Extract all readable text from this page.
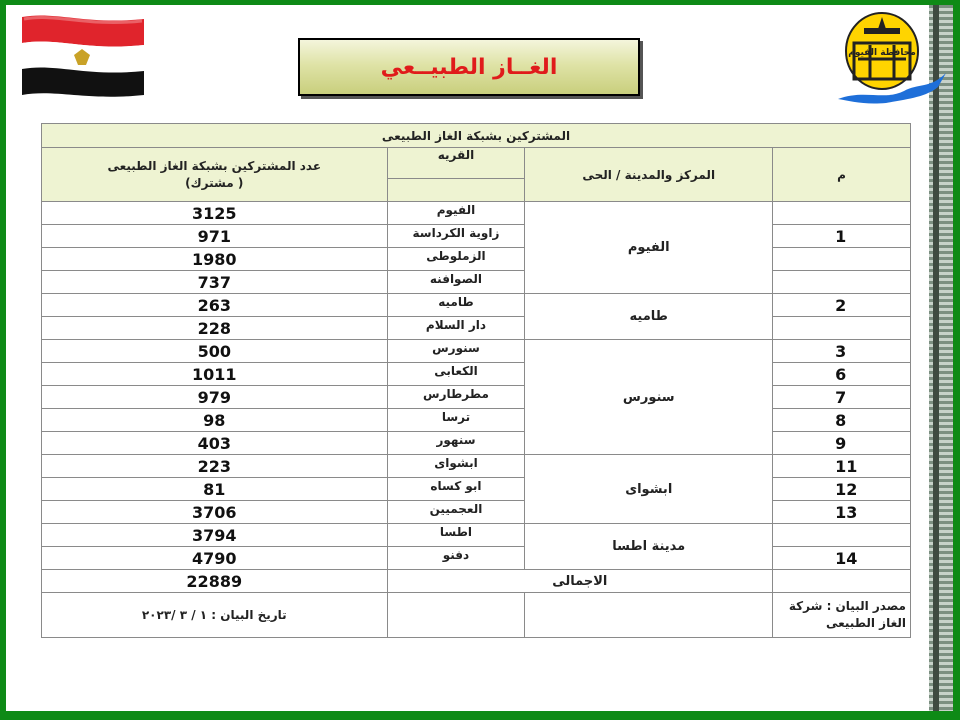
محافظة الفيوم
الغــاز الطبيــعي
المشتركين بشبكة الغاز الطبيعى			

عدد المشتركين بشبكة الغاز الطبيعى
(مشترك )	القريه	المركز والمدينة / الحى	م

3125	الفيوم	الفيوم	
971	زاوية الكرداسة		1
1980	الزملوطى		
737	الصوافنه		
263	طاميه	طاميه	2
228	دار السلام		
500	سنورس	سنورس	3
1011	الكعابى		6
979	مطرطارس		7
98	ترسا		8
403	سنهور		9
223	ابشواى	ابشواى	11
81	ابو كساه		12
3706	العجميين		13
3794	اطسا	مدينة اطسا	
4790	دفنو		14
22889	الاجمالى		
تاريخ البيان : ١ / ٣ /٢٠٢٣			مصدر البيان : شركة
الغاز الطبيعى
